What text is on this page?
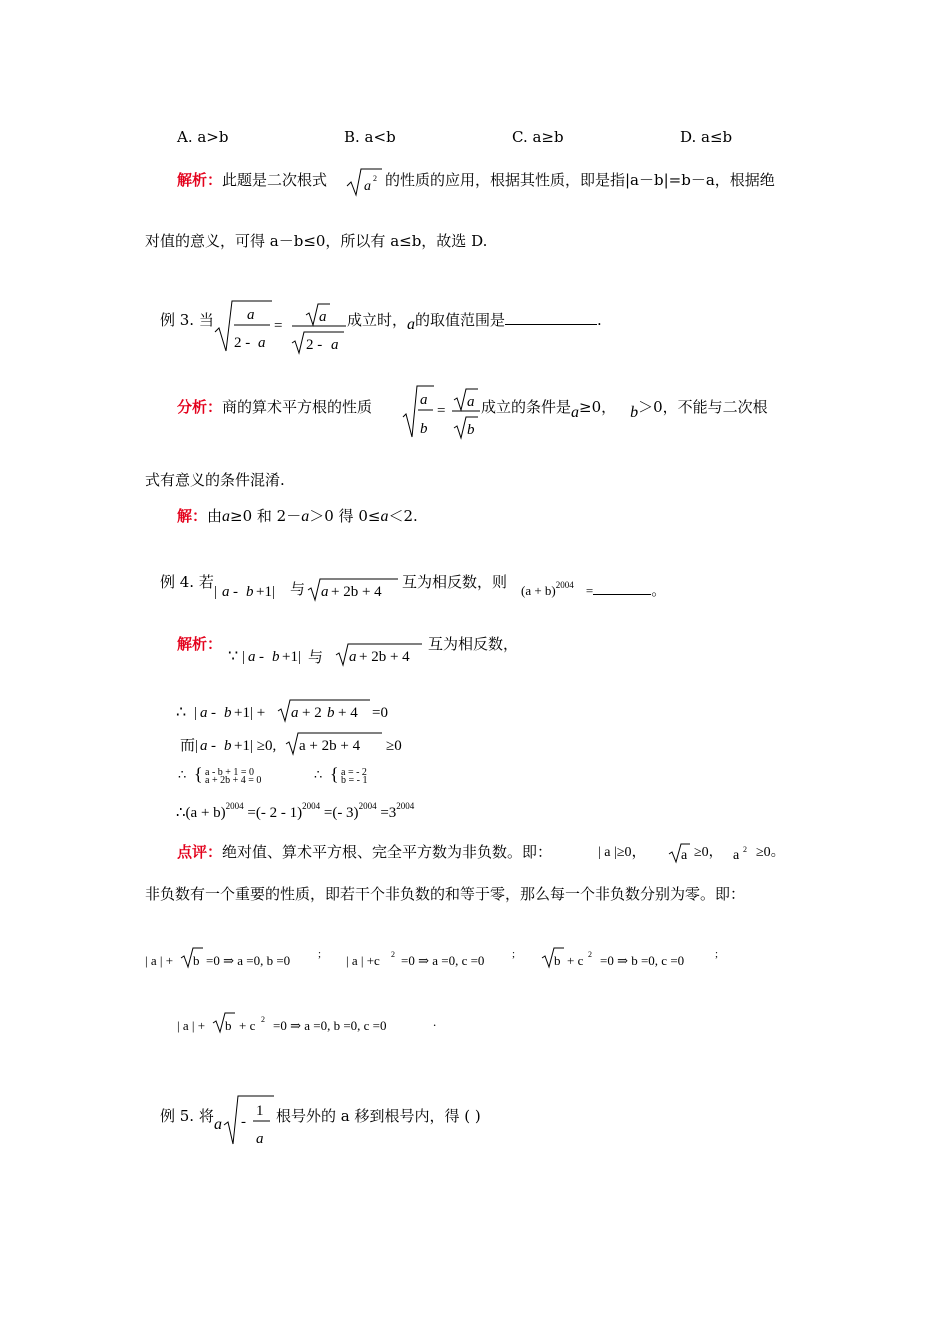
A. a>b	B. a<b	C. a≥b	D. a≤b
解析：此题是二次根式	a
2 的性质的应用，根据其性质，即是指|a－b|=b－a，根据绝
对值的意义，可得 a－b≤0，所以有 a≤b，故选 D.
例 3. 当 a
2 - a
=
a
2 - a
成立时，a的取值范围是	.
分析：商的算术平方根的性质	a
b
=
a
b
成立的条件是a≥0， b＞0，不能与二次根
式有意义的条件混淆.
解：由a≥0 和 2－a＞0 得 0≤a＜2.
例 4. 若
| a - b +1|	a + 2b + 4
与	互为相反数，则 $(a + b)^{2004}$ =	。
解析：
∵ | a - b +1|	a + 2b + 4
与
互为相反数，
∴ | a - b +1| + a + 2 b + 4 =0
而| a - b +1| ≥0, a + 2b + 4 ≥0
∴ { a - b + 1 = 0
a + 2b + 4 = 0	∴ { a = - 2
b = - 1
∴(a + b)$^{2004}$ =(- 2 - 1)$^{2004}$ =(- $3)^{2004} =3^{2004}$
点评：绝对值、算术平方根、完全平方数为非负数。即：	| a |≥0， a ≥0， a 2 ≥0。
非负数有一个重要的性质，即若干个非负数的和等于零，那么每一个非负数分别为零。即：
| a | + b =0 ⇒ a =0, b =0	; | a | +c 2 =0 ⇒ a =0, c =0	;	b + c 2 =0 ⇒ b =0, c =0	;
| a | + b + c 2 =0 ⇒ a =0, b =0, c =0	.
例 5. 将 a -
1
a
根号外的 a 移到根号内，得 ( )
